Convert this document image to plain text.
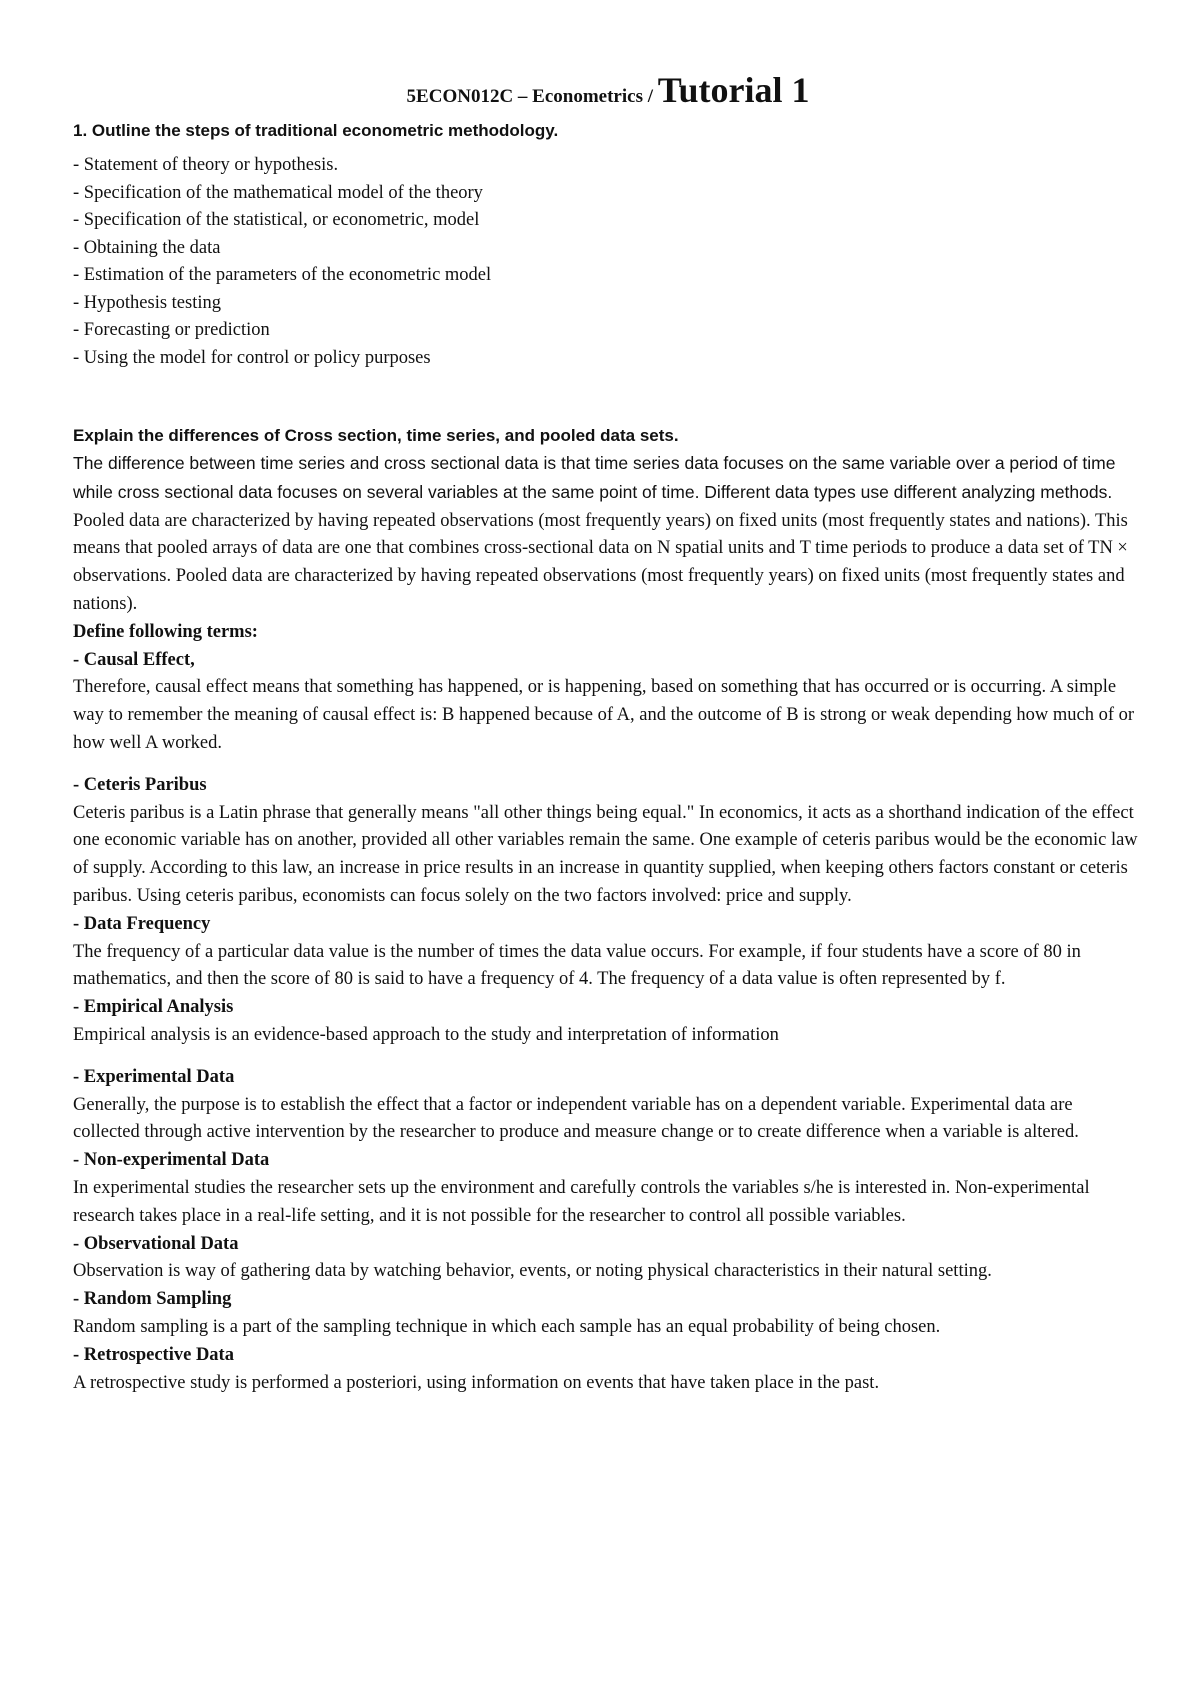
5ECON012C – Econometrics / Tutorial 1

1. Outline the steps of traditional econometric methodology.

- Statement of theory or hypothesis.
- Specification of the mathematical model of the theory
- Specification of the statistical, or econometric, model
- Obtaining the data
- Estimation of the parameters of the econometric model
- Hypothesis testing
- Forecasting or prediction
- Using the model for control or policy purposes

Explain the differences of Cross section, time series, and pooled data sets.

The difference between time series and cross sectional data is that time series data focuses on the same variable over a period of time while cross sectional data focuses on several variables at the same point of time. Different data types use different analyzing methods. Pooled data are characterized by having repeated observations (most frequently years) on fixed units (most frequently states and nations). This means that pooled arrays of data are one that combines cross-sectional data on N spatial units and T time periods to produce a data set of TN × observations. Pooled data are characterized by having repeated observations (most frequently years) on fixed units (most frequently states and nations).

Define following terms:

- Causal Effect,

Therefore, causal effect means that something has happened, or is happening, based on something that has occurred or is occurring. A simple way to remember the meaning of causal effect is: B happened because of A, and the outcome of B is strong or weak depending how much of or how well A worked.

- Ceteris Paribus

Ceteris paribus is a Latin phrase that generally means "all other things being equal." In economics, it acts as a shorthand indication of the effect one economic variable has on another, provided all other variables remain the same. One example of ceteris paribus would be the economic law of supply. According to this law, an increase in price results in an increase in quantity supplied, when keeping others factors constant or ceteris paribus. Using ceteris paribus, economists can focus solely on the two factors involved: price and supply.

- Data Frequency

The frequency of a particular data value is the number of times the data value occurs. For example, if four students have a score of 80 in mathematics, and then the score of 80 is said to have a frequency of 4. The frequency of a data value is often represented by f.

- Empirical Analysis

Empirical analysis is an evidence-based approach to the study and interpretation of information

- Experimental Data

Generally, the purpose is to establish the effect that a factor or independent variable has on a dependent variable. Experimental data are collected through active intervention by the researcher to produce and measure change or to create difference when a variable is altered.

- Non-experimental Data

In experimental studies the researcher sets up the environment and carefully controls the variables s/he is interested in. Non-experimental research takes place in a real-life setting, and it is not possible for the researcher to control all possible variables.

- Observational Data

Observation is way of gathering data by watching behavior, events, or noting physical characteristics in their natural setting.

- Random Sampling

Random sampling is a part of the sampling technique in which each sample has an equal probability of being chosen.

- Retrospective Data

A retrospective study is performed a posteriori, using information on events that have taken place in the past.
